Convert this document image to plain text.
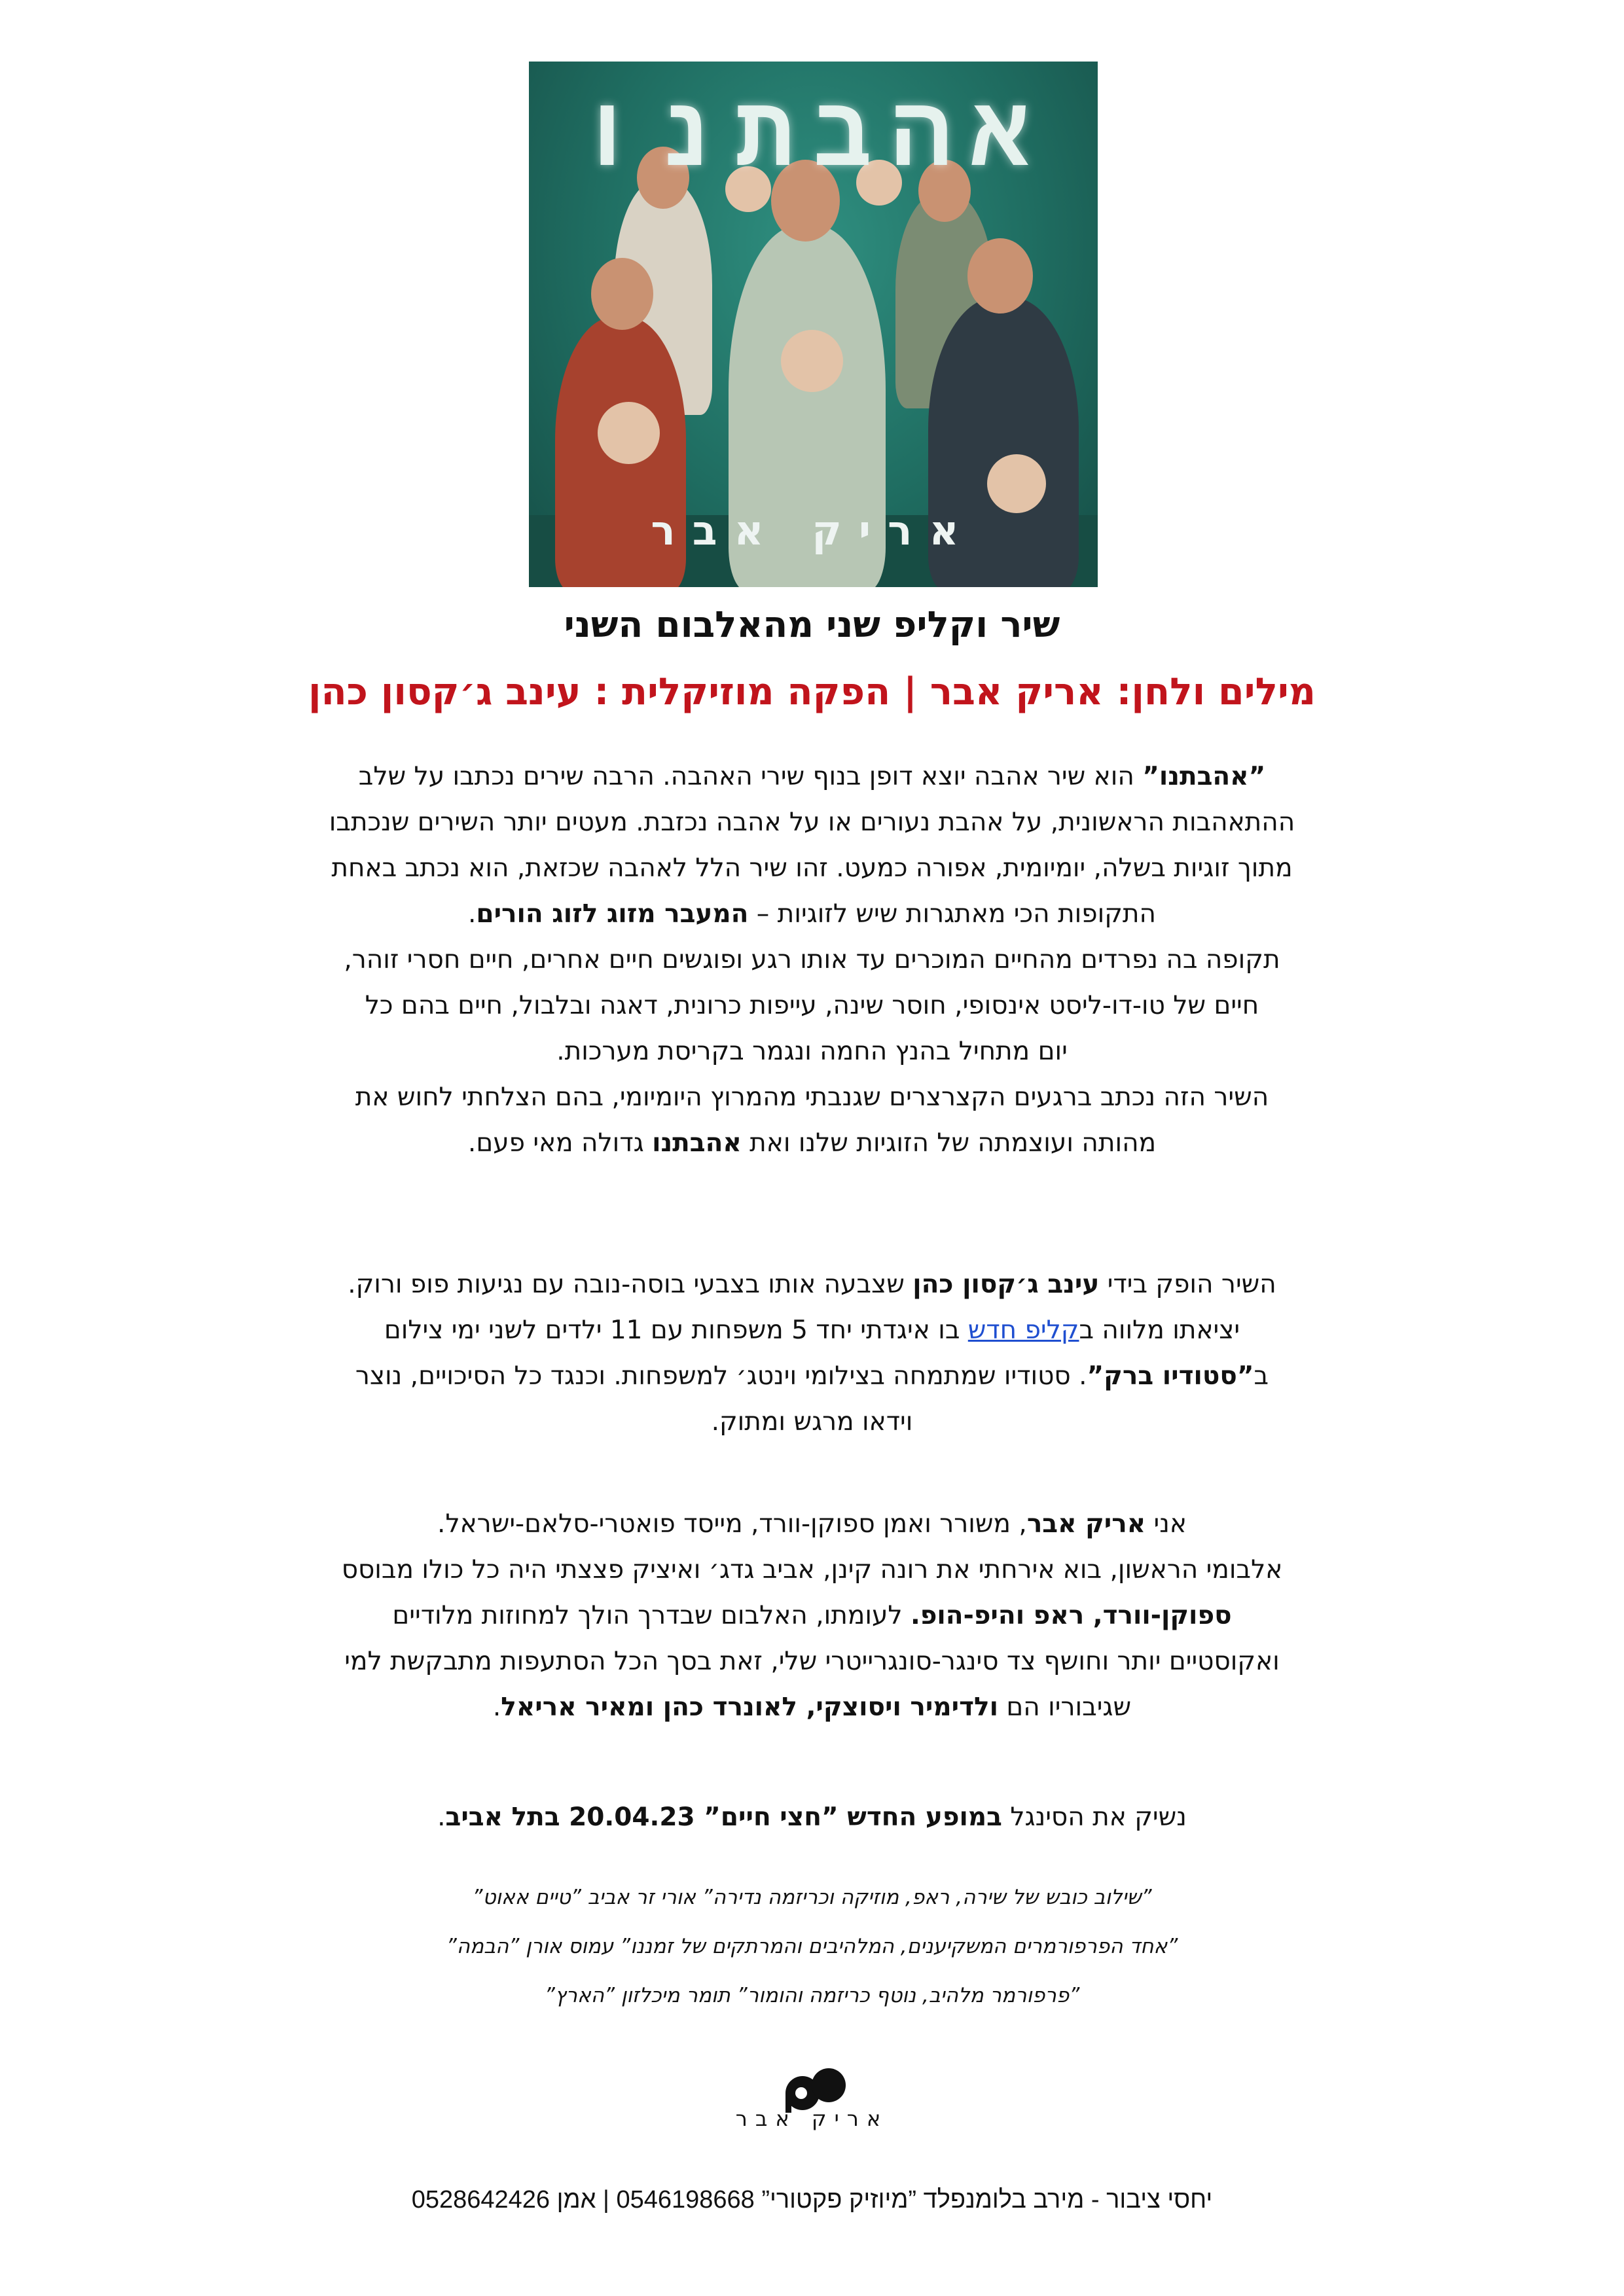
אהבתנו
אריק אבר
שיר וקליפ שני מהאלבום השני
מילים ולחן: אריק אבר | הפקה מוזיקלית : עינב ג׳קסון כהן
”אהבתנו” הוא שיר אהבה יוצא דופן בנוף שירי האהבה. הרבה שירים נכתבו על שלב
ההתאהבות הראשונית, על אהבת נעורים או על אהבה נכזבת. מעטים יותר השירים שנכתבו
מתוך זוגיות בשלה, יומיומית, אפורה כמעט. זהו שיר הלל לאהבה שכזאת, הוא נכתב באחת
התקופות הכי מאתגרות שיש לזוגיות – המעבר מזוג לזוג הורים.
תקופה בה נפרדים מהחיים המוכרים עד אותו רגע ופוגשים חיים אחרים, חיים חסרי זוהר,
חיים של טו-דו-ליסט אינסופי, חוסר שינה, עייפות כרונית, דאגה ובלבול, חיים בהם כל
יום מתחיל בהנץ החמה ונגמר בקריסת מערכות.
השיר הזה נכתב ברגעים הקצרצרים שגנבתי מהמרוץ היומיומי, בהם הצלחתי לחוש את
מהותה ועוצמתה של הזוגיות שלנו ואת אהבתנו גדולה מאי פעם.
השיר הופק בידי עינב ג׳קסון כהן שצבעה אותו בצבעי בוסה-נובה עם נגיעות פופ ורוק.
יציאתו מלווה בקליפ חדש בו איגדתי יחד 5 משפחות עם 11 ילדים לשני ימי צילום
ב”סטודיו ברק”. סטודיו שמתמחה בצילומי וינטג׳ למשפחות. וכנגד כל הסיכויים, נוצר
וידאו מרגש ומתוק.
אני אריק אבר, משורר ואמן ספוקן-וורד, מייסד פואטרי-סלאם-ישראל.
אלבומי הראשון, בוא אירחתי את רונה קינן, אביב גדג׳ ואיציק פצצתי היה כל כולו מבוסס
ספוקן-וורד, ראפ והיפ-הופ. לעומתו, האלבום שבדרך הולך למחוזות מלודיים
ואקוסטיים יותר וחושף צד סינגר-סונגרייטרי שלי, זאת בסך הכל הסתעפות מתבקשת למי
שגיבוריו הם ולדימיר ויסוצקי, לאונרד כהן ומאיר אריאל.
נשיק את הסינגל במופע החדש ”חצי חיים” 20.04.23 בתל אביב.
”שילוב כובש של שירה, ראפ, מוזיקה וכריזמה נדירה” אורי זר אביב ”טיים אאוט”
”אחד הפרפורמרים המשקיענים, המלהיבים והמרתקים של זמננו” עמוס אורן ”הבמה”
”פרפורמר מלהיב, נוטף כריזמה והומור” תומר מיכלזון ”הארץ”
אריק אבר
יחסי ציבור - מירב בלומנפלד ”מיוזיק פקטורי” 0546198668 | אמן 0528642426
